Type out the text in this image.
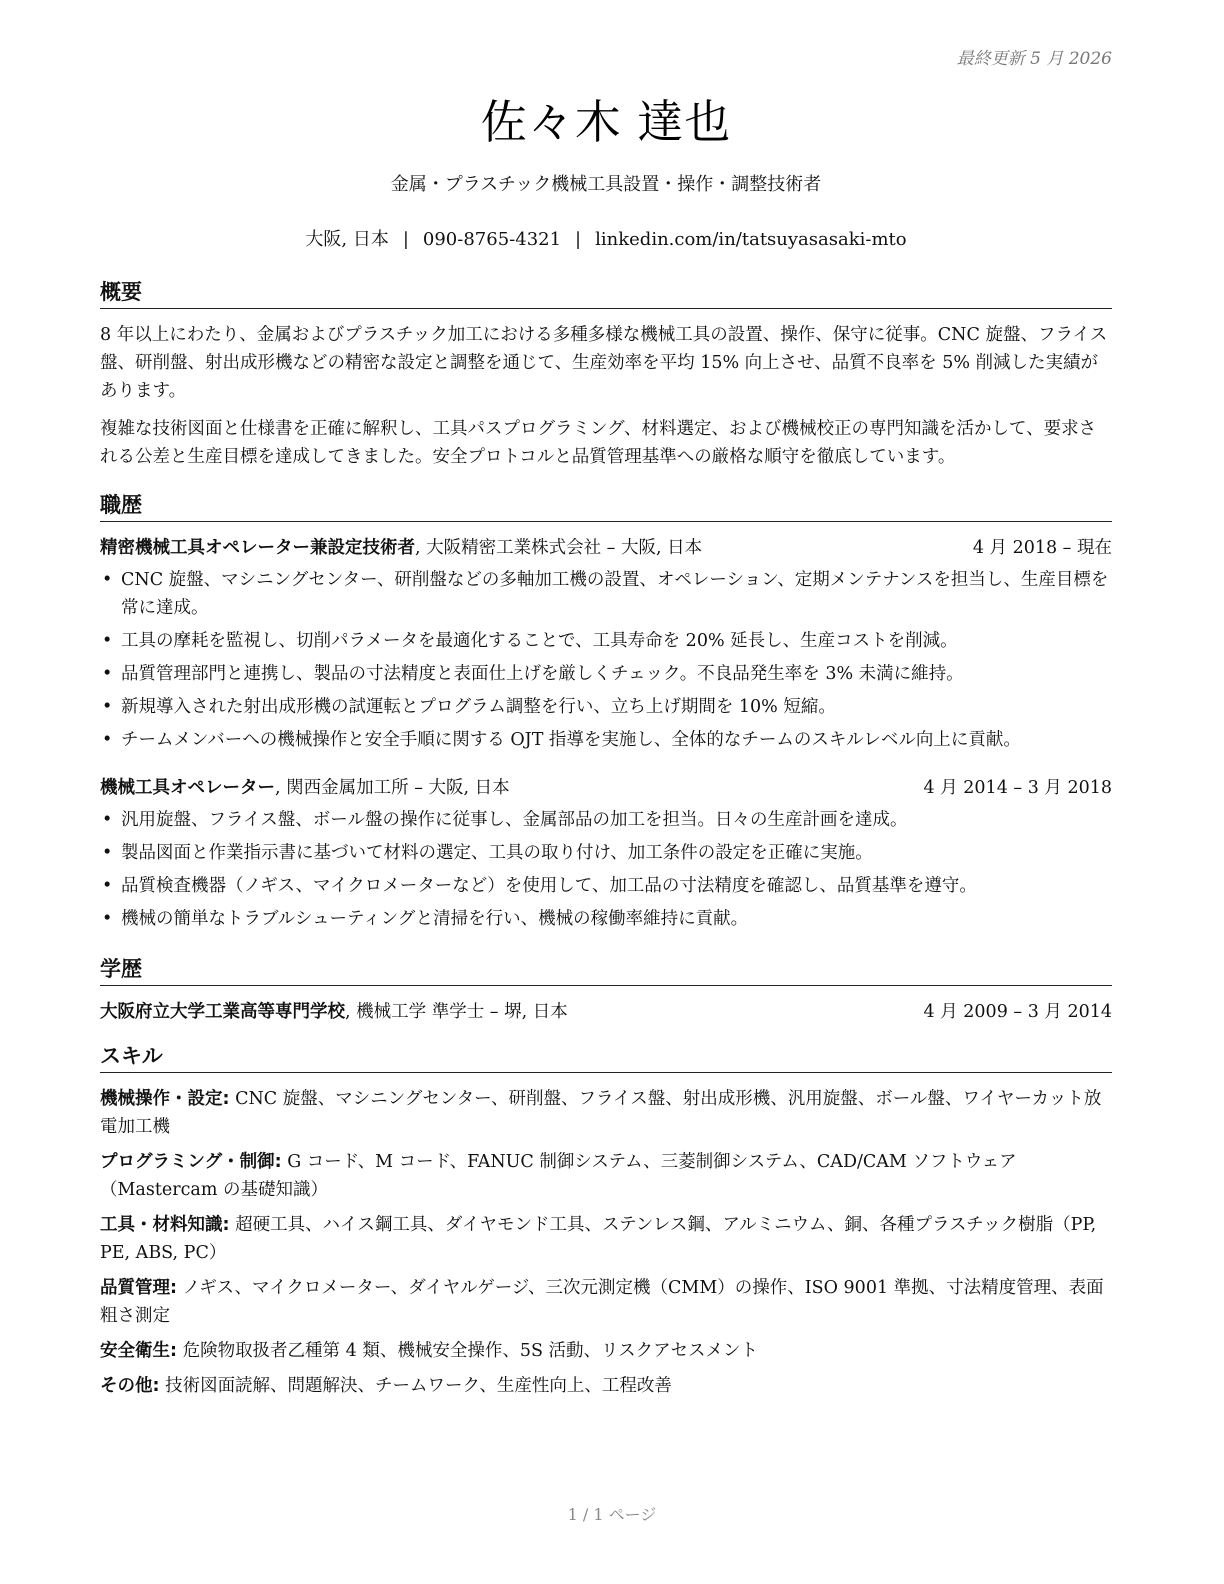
最終更新 5 月 2026
佐々木 達也
金属・プラスチック機械工具設置・操作・調整技術者
大阪, 日本 | 090-8765-4321 | linkedin.com/in/tatsuyasasaki-mto
概要

8 年以上にわたり、金属およびプラスチック加工における多種多様な機械工具の設置、操作、保守に従事。CNC 旋盤、フライス盤、研削盤、射出成形機などの精密な設定と調整を通じて、生産効率を平均 15% 向上させ、品質不良率を 5% 削減した実績があります。

複雑な技術図面と仕様書を正確に解釈し、工具パスプログラミング、材料選定、および機械校正の専門知識を活かして、要求される公差と生産目標を達成してきました。安全プロトコルと品質管理基準への厳格な順守を徹底しています。

職歴
精密機械工具オペレーター兼設定技術者, 大阪精密工業株式会社 – 大阪, 日本	4 月 2018 – 現在
• CNC 旋盤、マシニングセンター、研削盤などの多軸加工機の設置、オペレーション、定期メンテナンスを担当し、生産目標を常に達成。
• 工具の摩耗を監視し、切削パラメータを最適化することで、工具寿命を 20% 延長し、生産コストを削減。
• 品質管理部門と連携し、製品の寸法精度と表面仕上げを厳しくチェック。不良品発生率を 3% 未満に維持。
• 新規導入された射出成形機の試運転とプログラム調整を行い、立ち上げ期間を 10% 短縮。
• チームメンバーへの機械操作と安全手順に関する OJT 指導を実施し、全体的なチームのスキルレベル向上に貢献。
機械工具オペレーター, 関西金属加工所 – 大阪, 日本	4 月 2014 – 3 月 2018
• 汎用旋盤、フライス盤、ボール盤の操作に従事し、金属部品の加工を担当。日々の生産計画を達成。
• 製品図面と作業指示書に基づいて材料の選定、工具の取り付け、加工条件の設定を正確に実施。
• 品質検査機器（ノギス、マイクロメーターなど）を使用して、加工品の寸法精度を確認し、品質基準を遵守。
• 機械の簡単なトラブルシューティングと清掃を行い、機械の稼働率維持に貢献。
学歴
大阪府立大学工業高等専門学校, 機械工学 準学士 – 堺, 日本	4 月 2009 – 3 月 2014
スキル
機械操作・設定: CNC 旋盤、マシニングセンター、研削盤、フライス盤、射出成形機、汎用旋盤、ボール盤、ワイヤーカット放電加工機
プログラミング・制御: G コード、M コード、FANUC 制御システム、三菱制御システム、CAD/CAM ソフトウェア（Mastercam の基礎知識）
工具・材料知識: 超硬工具、ハイス鋼工具、ダイヤモンド工具、ステンレス鋼、アルミニウム、銅、各種プラスチック樹脂（PP, PE, ABS, PC）
品質管理: ノギス、マイクロメーター、ダイヤルゲージ、三次元測定機（CMM）の操作、ISO 9001 準拠、寸法精度管理、表面粗さ測定
安全衛生: 危険物取扱者乙種第 4 類、機械安全操作、5S 活動、リスクアセスメント
その他: 技術図面読解、問題解決、チームワーク、生産性向上、工程改善
1 / 1 ページ
